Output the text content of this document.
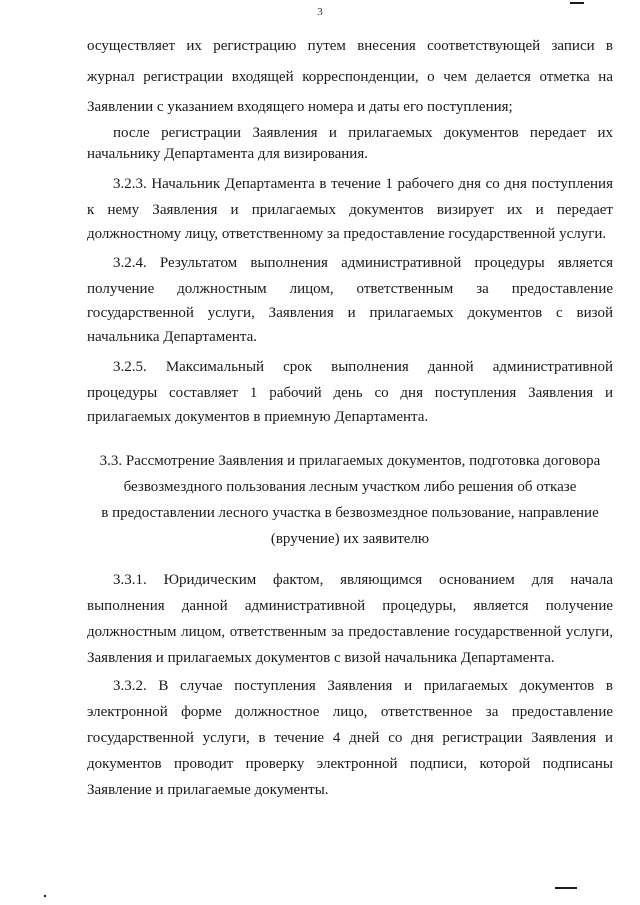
3
осуществляет их регистрацию путем внесения соответствующей записи в
журнал регистрации входящей корреспонденции, о чем делается отметка на
Заявлении с указанием входящего номера и даты его поступления;
после регистрации Заявления и прилагаемых документов передает их
начальнику Департамента для визирования.
3.2.3. Начальник Департамента в течение 1 рабочего дня со дня поступления
к нему Заявления и прилагаемых документов визирует их и передает
должностному лицу, ответственному за предоставление государственной услуги.
3.2.4. Результатом выполнения административной процедуры является
получение должностным лицом, ответственным за предоставление
государственной услуги, Заявления и прилагаемых документов с визой
начальника Департамента.
3.2.5. Максимальный срок выполнения данной административной
процедуры составляет 1 рабочий день со дня поступления Заявления и
прилагаемых документов в приемную Департамента.
3.3. Рассмотрение Заявления и прилагаемых документов, подготовка договора
безвозмездного пользования лесным участком либо решения об отказе
в предоставлении лесного участка в безвозмездное пользование, направление
(вручение) их заявителю
3.3.1. Юридическим фактом, являющимся основанием для начала
выполнения данной административной процедуры, является получение
должностным лицом, ответственным за предоставление государственной услуги,
Заявления и прилагаемых документов с визой начальника Департамента.
3.3.2. В случае поступления Заявления и прилагаемых документов в
электронной форме должностное лицо, ответственное за предоставление
государственной услуги, в течение 4 дней со дня регистрации Заявления и
документов проводит проверку электронной подписи, которой подписаны
Заявление и прилагаемые документы.
